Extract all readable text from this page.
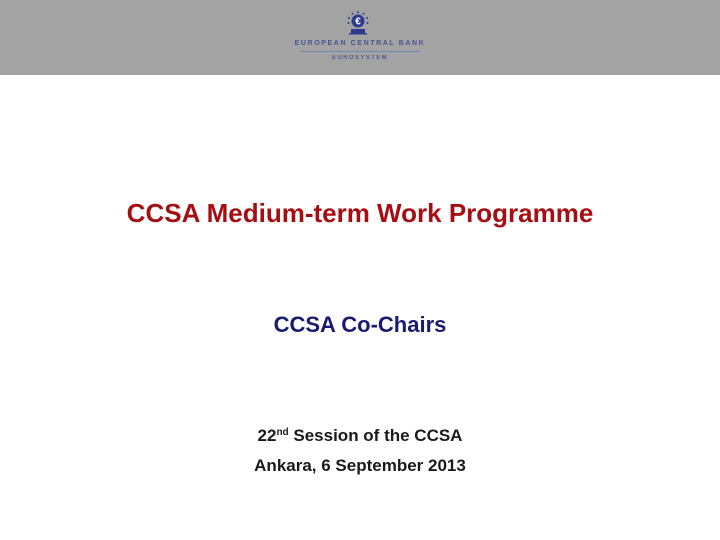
€
EUROPEAN CENTRAL BANK
EUROSYSTEM
CCSA Medium-term Work Programme
CCSA Co-Chairs
22nd Session of the CCSA
Ankara, 6 September 2013
